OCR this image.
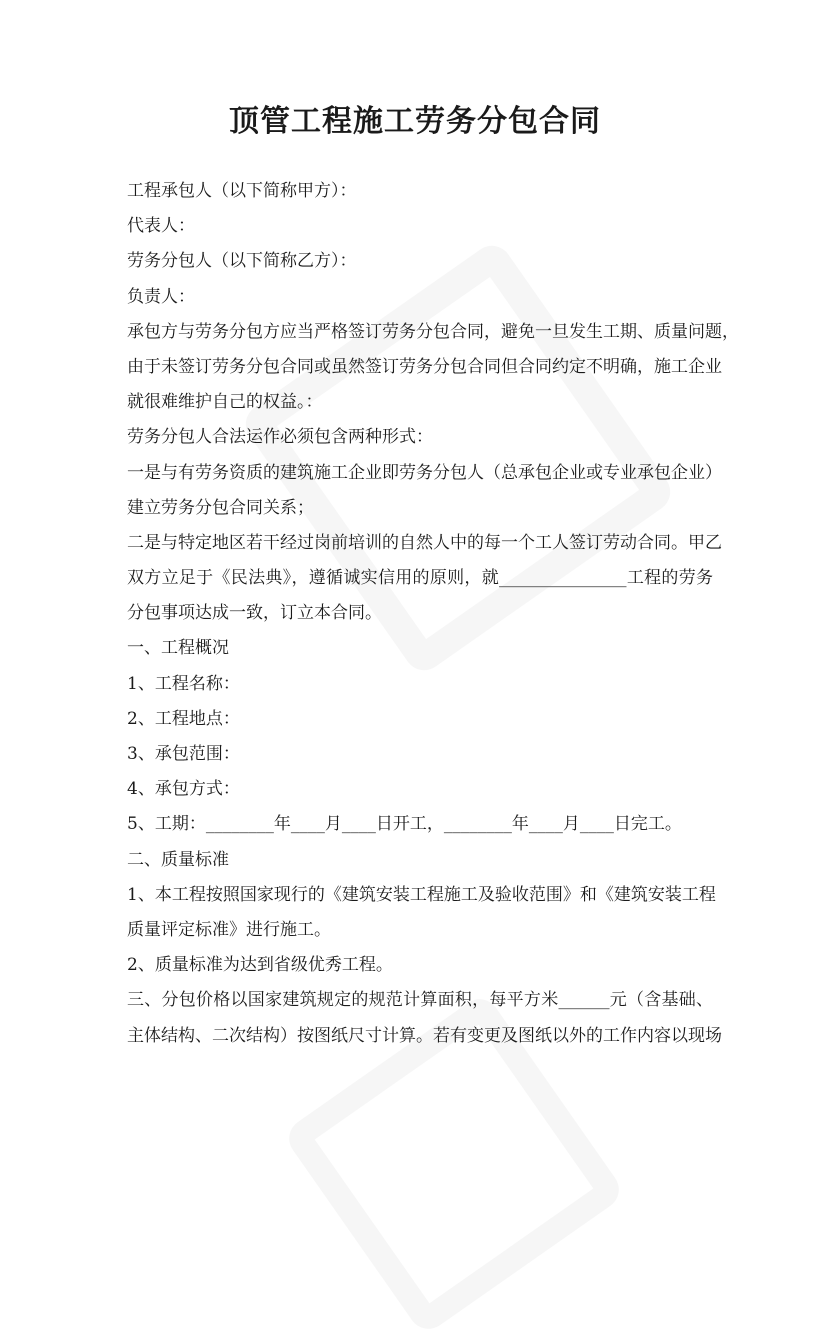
顶管工程施工劳务分包合同
工程承包人（以下简称甲方）：
代表人：
劳务分包人（以下简称乙方）：
负责人：
承包方与劳务分包方应当严格签订劳务分包合同，避免一旦发生工期、质量问题，
由于未签订劳务分包合同或虽然签订劳务分包合同但合同约定不明确，施工企业
就很难维护自己的权益。：
劳务分包人合法运作必须包含两种形式：
一是与有劳务资质的建筑施工企业即劳务分包人（总承包企业或专业承包企业）
建立劳务分包合同关系；
二是与特定地区若干经过岗前培训的自然人中的每一个工人签订劳动合同。甲乙
双方立足于《民法典》，遵循诚实信用的原则，就_______________工程的劳务
分包事项达成一致，订立本合同。
一、工程概况
1、工程名称：
2、工程地点：
3、承包范围：
4、承包方式：
5、工期：________年____月____日开工，________年____月____日完工。
二、质量标准
1、本工程按照国家现行的《建筑安装工程施工及验收范围》和《建筑安装工程
质量评定标准》进行施工。
2、质量标准为达到省级优秀工程。
三、分包价格以国家建筑规定的规范计算面积，每平方米______元（含基础、
主体结构、二次结构）按图纸尺寸计算。若有变更及图纸以外的工作内容以现场
